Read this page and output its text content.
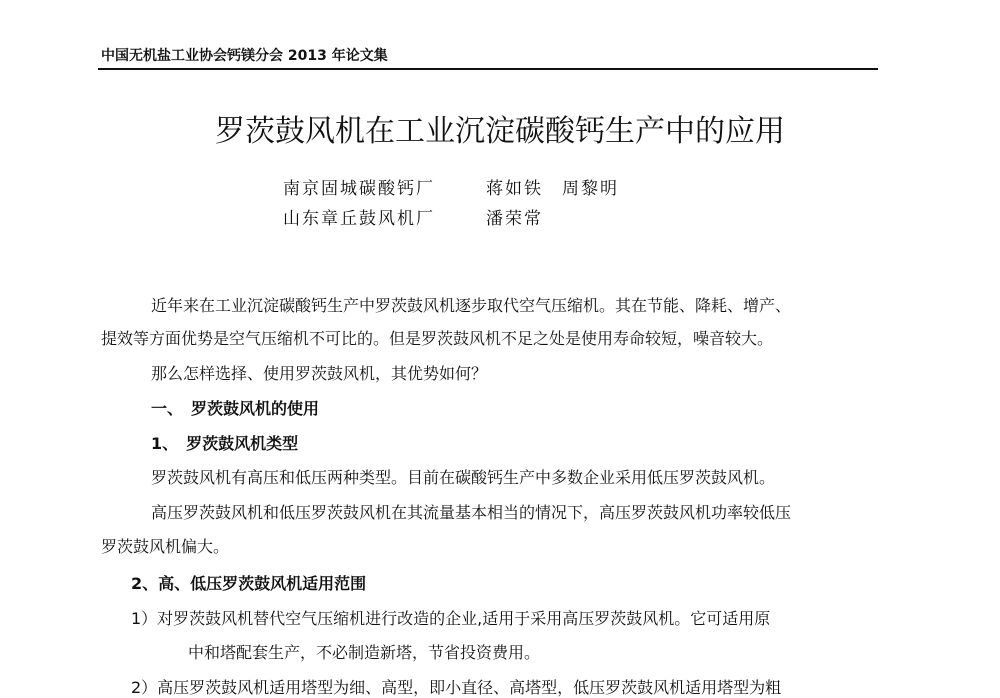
中国无机盐工业协会钙镁分会 2013 年论文集
罗茨鼓风机在工业沉淀碳酸钙生产中的应用
南京固城碳酸钙厂	蒋如铁　周黎明
山东章丘鼓风机厂	潘荣常
近年来在工业沉淀碳酸钙生产中罗茨鼓风机逐步取代空气压缩机。其在节能、降耗、增产、
提效等方面优势是空气压缩机不可比的。但是罗茨鼓风机不足之处是使用寿命较短，噪音较大。
那么怎样选择、使用罗茨鼓风机，其优势如何？
一、　罗茨鼓风机的使用
1、　罗茨鼓风机类型
罗茨鼓风机有高压和低压两种类型。目前在碳酸钙生产中多数企业采用低压罗茨鼓风机。
高压罗茨鼓风机和低压罗茨鼓风机在其流量基本相当的情况下，高压罗茨鼓风机功率较低压
罗茨鼓风机偏大。
2、高、低压罗茨鼓风机适用范围
1）对罗茨鼓风机替代空气压缩机进行改造的企业,适用于采用高压罗茨鼓风机。它可适用原
中和塔配套生产，不必制造新塔，节省投资费用。
2）高压罗茨鼓风机适用塔型为细、高型，即小直径、高塔型，低压罗茨鼓风机适用塔型为粗
